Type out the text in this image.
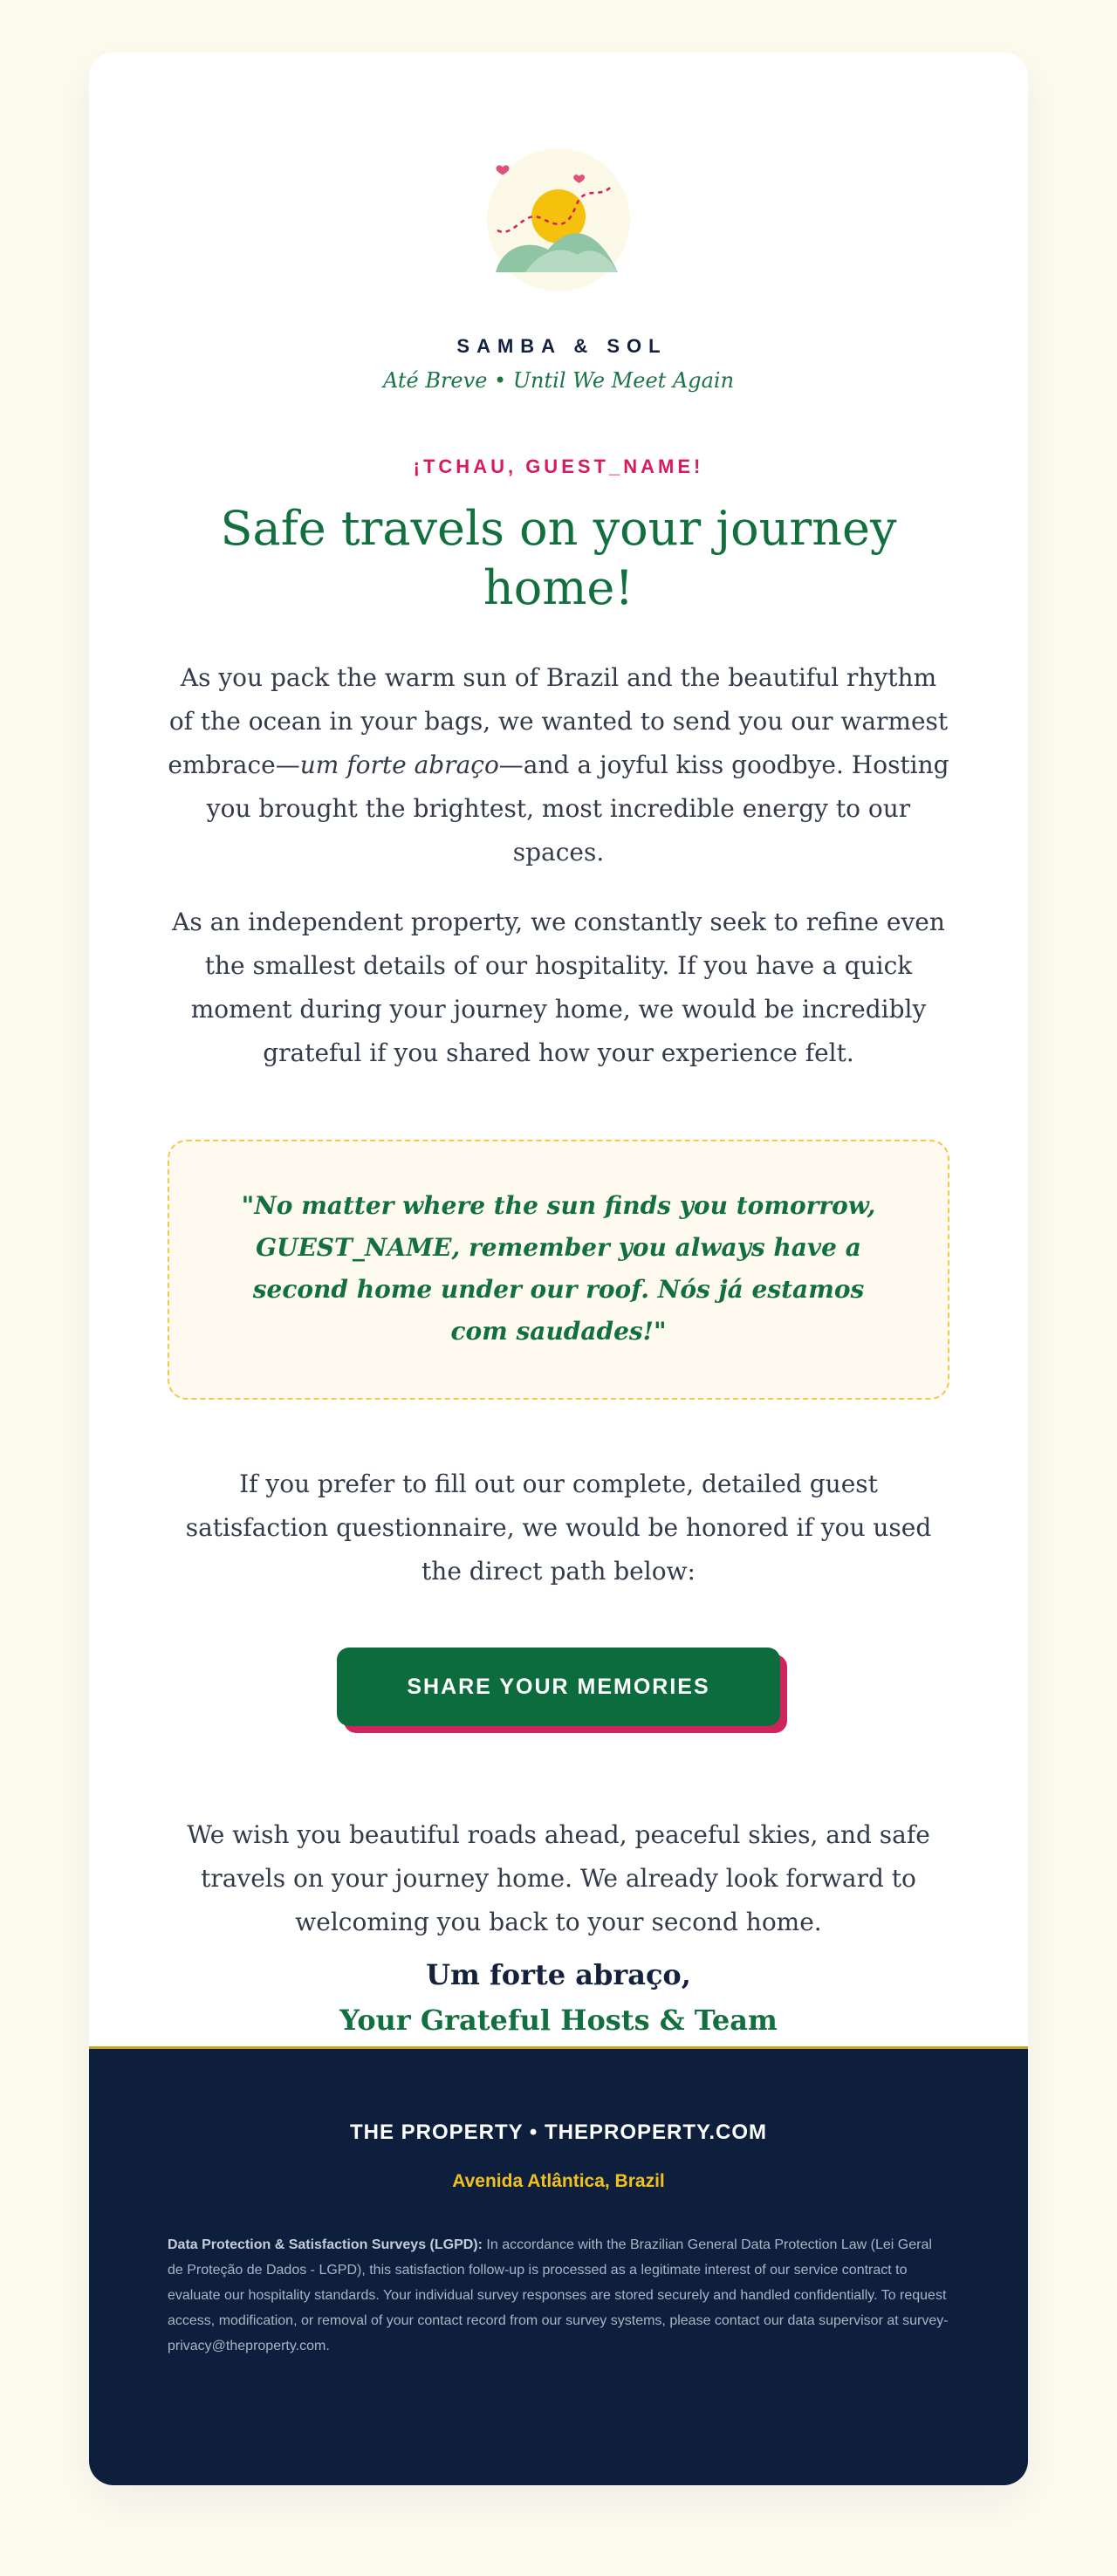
SAMBA & SOL
Até Breve • Until We Meet Again
¡TCHAU, GUEST_NAME!
Safe travels on your journey home!

As you pack the warm sun of Brazil and the beautiful rhythm of the ocean in your bags, we wanted to send you our warmest embrace—um forte abraço—and a joyful kiss goodbye. Hosting you brought the brightest, most incredible energy to our spaces.

As an independent property, we constantly seek to refine even the smallest details of our hospitality. If you have a quick moment during your journey home, we would be incredibly grateful if you shared how your experience felt.

"No matter where the sun finds you tomorrow, GUEST_NAME, remember you always have a second home under our roof. Nós já estamos com saudades!"

If you prefer to fill out our complete, detailed guest satisfaction questionnaire, we would be honored if you used the direct path below:

SHARE YOUR MEMORIES

We wish you beautiful roads ahead, peaceful skies, and safe travels on your journey home. We already look forward to welcoming you back to your second home.

Um forte abraço,
Your Grateful Hosts & Team
THE PROPERTY • THEPROPERTY.COM
Avenida Atlântica, Brazil

Data Protection & Satisfaction Surveys (LGPD): In accordance with the Brazilian General Data Protection Law (Lei Geral de Proteção de Dados - LGPD), this satisfaction follow-up is processed as a legitimate interest of our service contract to evaluate our hospitality standards. Your individual survey responses are stored securely and handled confidentially. To request access, modification, or removal of your contact record from our survey systems, please contact our data supervisor at survey-privacy@theproperty.com.
